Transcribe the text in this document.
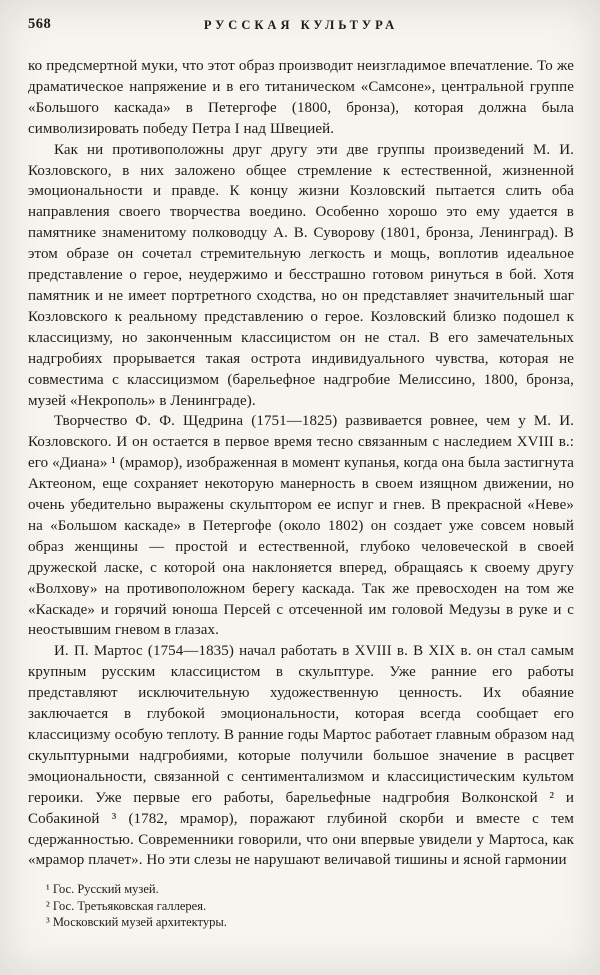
568	РУССКАЯ КУЛЬТУРА

ко предсмертной муки, что этот образ производит неизгладимое впечатление. То же драматическое напряжение и в его титаническом «Самсоне», центральной группе «Большого каскада» в Петергофе (1800, бронза), которая должна была символизировать победу Петра I над Швецией.

Как ни противоположны друг другу эти две группы произведений М. И. Козловского, в них заложено общее стремление к естественной, жизненной эмоциональности и правде. К концу жизни Козловский пытается слить оба направления своего творчества воедино. Особенно хорошо это ему удается в памятнике знаменитому полководцу А. В. Суворову (1801, бронза, Ленинград). В этом образе он сочетал стремительную легкость и мощь, воплотив идеальное представление о герое, неудержимо и бесстрашно готовом ринуться в бой. Хотя памятник и не имеет портретного сходства, но он представляет значительный шаг Козловского к реальному представлению о герое. Козловский близко подошел к классицизму, но законченным классицистом он не стал. В его замечательных надгробиях прорывается такая острота индивидуального чувства, которая не совместима с классицизмом (барельефное надгробие Мелиссино, 1800, бронза, музей «Некрополь» в Ленинграде).

Творчество Ф. Ф. Щедрина (1751—1825) развивается ровнее, чем у М. И. Козловского. И он остается в первое время тесно связанным с наследием XVIII в.: его «Диана» ¹ (мрамор), изображенная в момент купанья, когда она была застигнута Актеоном, еще сохраняет некоторую манерность в своем изящном движении, но очень убедительно выражены скульптором ее испуг и гнев. В прекрасной «Неве» на «Большом каскаде» в Петергофе (около 1802) он создает уже совсем новый образ женщины — простой и естественной, глубоко человеческой в своей дружеской ласке, с которой она наклоняется вперед, обращаясь к своему другу «Волхову» на противоположном берегу каскада. Так же превосходен на том же «Каскаде» и горячий юноша Персей с отсеченной им головой Медузы в руке и с неостывшим гневом в глазах.

И. П. Мартос (1754—1835) начал работать в XVIII в. В XIX в. он стал самым крупным русским классицистом в скульптуре. Уже ранние его работы представляют исключительную художественную ценность. Их обаяние заключается в глубокой эмоциональности, которая всегда сообщает его классицизму особую теплоту. В ранние годы Мартос работает главным образом над скульптурными надгробиями, которые получили большое значение в расцвет эмоциональности, связанной с сентиментализмом и классицистическим культом героики. Уже первые его работы, барельефные надгробия Волконской ² и Собакиной ³ (1782, мрамор), поражают глубиной скорби и вместе с тем сдержанностью. Современники говорили, что они впервые увидели у Мартоса, как «мрамор плачет». Но эти слезы не нарушают величавой тишины и ясной гармонии

¹ Гос. Русский музей.
² Гос. Третьяковская галлерея.
³ Московский музей архитектуры.
